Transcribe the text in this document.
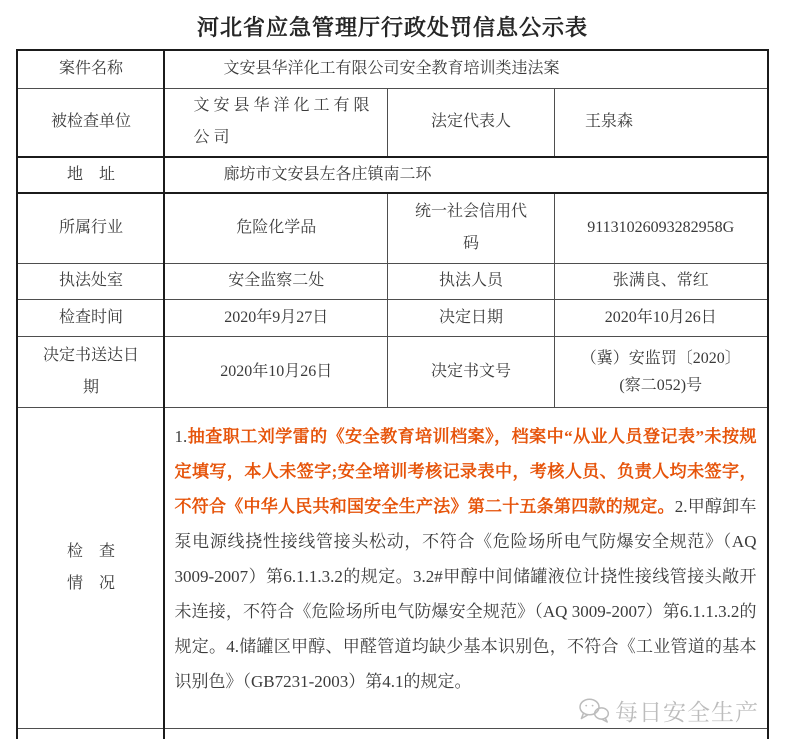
河北省应急管理厅行政处罚信息公示表
案件名称	文安县华洋化工有限公司安全教育培训类违法案		
被检查单位	文安县华洋化工有限公司	法定代表人	王泉森
地　址	廊坊市文安县左各庄镇南二环		
所属行业	危险化学品	统一社会信用代码	91131026093282958G
执法处室	安全监察二处	执法人员	张满良、常红
检查时间	2020年9月27日	决定日期	2020年10月26日
决定书送达日期	2020年10月26日	决定书文号	（冀）安监罚〔2020〕
(察二052)号

检　查
情　况	1.抽查职工刘学雷的《安全教育培训档案》，档案中“从业人员登记表”未按规定填写，本人未签字;安全培训考核记录表中，考核人员、负责人均未签字，不符合《中华人民共和国安全生产法》第二十五条第四款的规定。2.甲醇卸车泵电源线挠性接线管接头松动，不符合《危险场所电气防爆安全规范》（AQ 3009-2007）第6.1.1.3.2的规定。3.2#甲醇中间储罐液位计挠性接线管接头敞开未连接，不符合《危险场所电气防爆安全规范》（AQ 3009-2007）第6.1.1.3.2的规定。4.储罐区甲醇、甲醛管道均缺少基本识别色，不符合《工业管道的基本识别色》（GB7231-2003）第4.1的规定。		

每日安全生产
